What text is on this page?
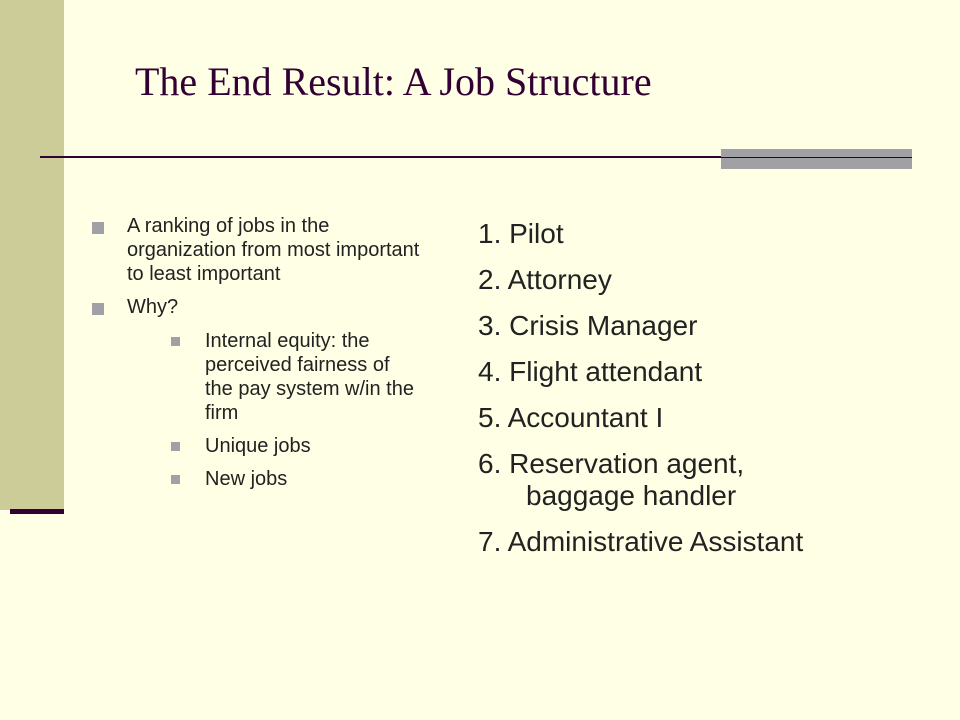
The End Result: A Job Structure
A ranking of jobs in the organization from most important to least important
Why?
Internal equity: the perceived fairness of the pay system w/in the firm
Unique jobs
New jobs
1. Pilot
2. Attorney
3. Crisis Manager
4. Flight attendant
5. Accountant I
6. Reservation agent,
baggage handler
7. Administrative Assistant
